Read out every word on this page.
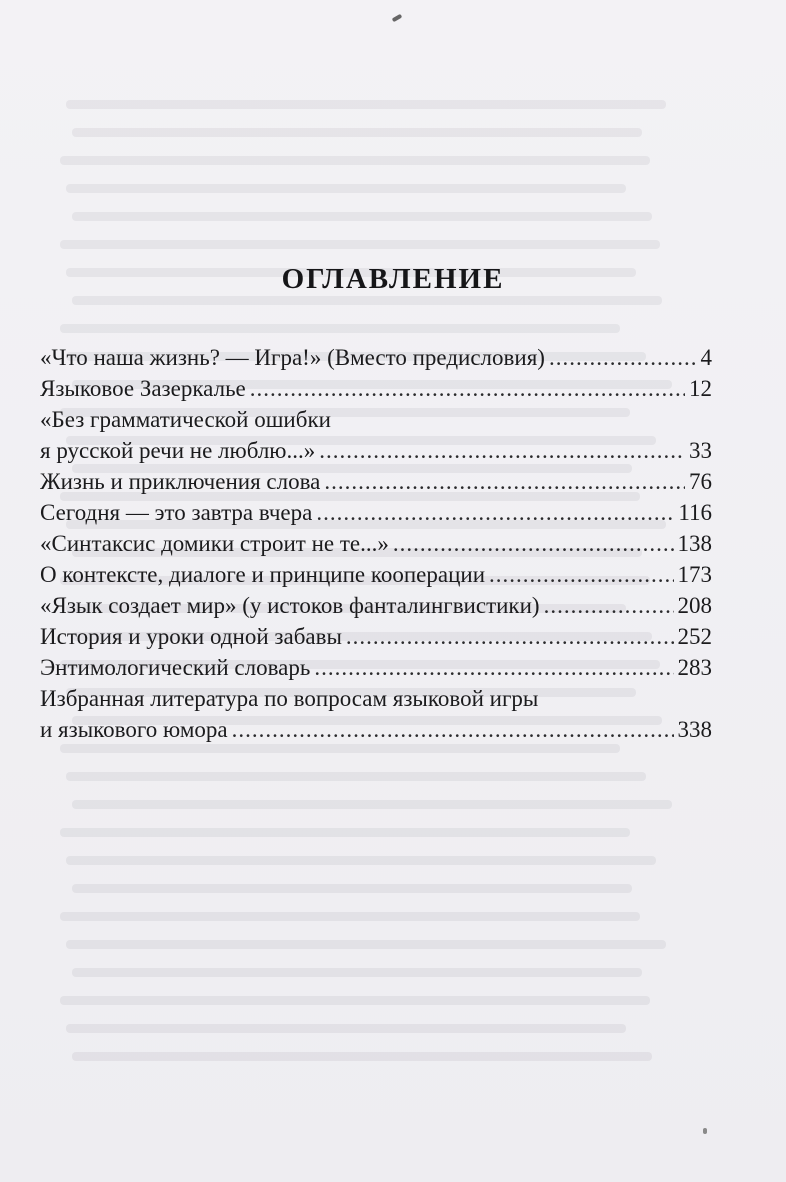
ОГЛАВЛЕНИЕ
«Что наша жизнь? — Игра!» (Вместо предисловия) .....	4
Языковое Зазеркалье .....	12
«Без грамматической ошибки
я русской речи не люблю...» .....	33
Жизнь и приключения слова .....	76
Сегодня — это завтра вчера .....	116
«Синтаксис домики строит не те...» .....	138
О контексте, диалоге и принципе кооперации .....	173
«Язык создает мир» (у истоков фанталингвистики) .....	208
История и уроки одной забавы .....	252
Энтимологический словарь .....	283
Избранная литература по вопросам языковой игры
и языкового юмора .....	338
